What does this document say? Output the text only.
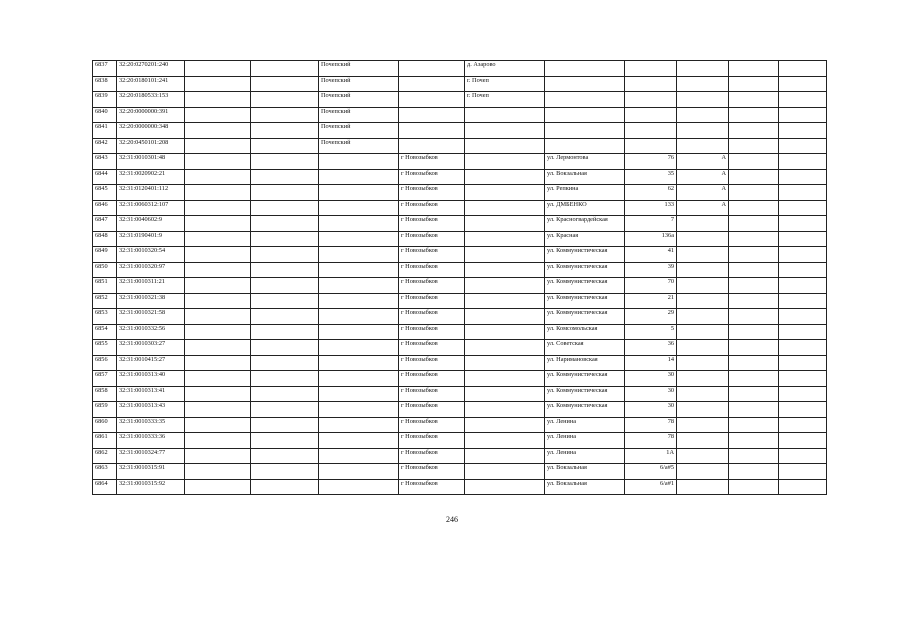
6837	32:20:0270201:240			Почепский		д. Азарово					
6838	32:20:0180101:241			Почепский		г. Почеп					
6839	32:20:0180533:153			Почепский		г. Почеп					
6840	32:20:0000000:391			Почепский							
6841	32:20:0000000:348			Почепский							
6842	32:20:0450101:208			Почепский							
6843	32:31:0010301:48				г Новозыбков		ул. Лермонтова	76	А		
6844	32:31:0020902:21				г Новозыбков		ул. Вокзальная	35	А		
6845	32:31:0120401:112				г Новозыбков		ул. Репкина	62	А		
6846	32:31:0060312:107				г Новозыбков		ул. ДМБЕНКО	133	А		
6847	32:31:0040602:9				г Новозыбков		ул. Красногвардейская	7			
6848	32:31:0190401:9				г Новозыбков		ул. Красная	136а			
6849	32:31:0010320:54				г Новозыбков		ул. Коммунистическая	41			
6850	32:31:0010320:97				г Новозыбков		ул. Коммунистическая	39			
6851	32:31:0010311:21				г Новозыбков		ул. Коммунистическая	70			
6852	32:31:0010321:38				г Новозыбков		ул. Коммунистическая	21			
6853	32:31:0010321:58				г Новозыбков		ул. Коммунистическая	29			
6854	32:31:0010332:56				г Новозыбков		ул. Комсомольская	5			
6855	32:31:0010303:27				г Новозыбков		ул. Советская	36			
6856	32:31:0010415:27				г Новозыбков		ул. Наримановская	14			
6857	32:31:0010313:40				г Новозыбков		ул. Коммунистическая	30			
6858	32:31:0010313:41				г Новозыбков		ул. Коммунистическая	30			
6859	32:31:0010313:43				г Новозыбков		ул. Коммунистическая	30			
6860	32:31:0010333:35				г Новозыбков		ул. Ленина	78			
6861	32:31:0010333:36				г Новозыбков		ул. Ленина	78			
6862	32:31:0010324:77				г Новозыбков		ул. Ленина	1А			
6863	32:31:0010315:91				г Новозыбков		ул. Вокзальная	6/а#5			
6864	32:31:0010315:92				г Новозыбков		ул. Вокзальная	6/а#1			
246
